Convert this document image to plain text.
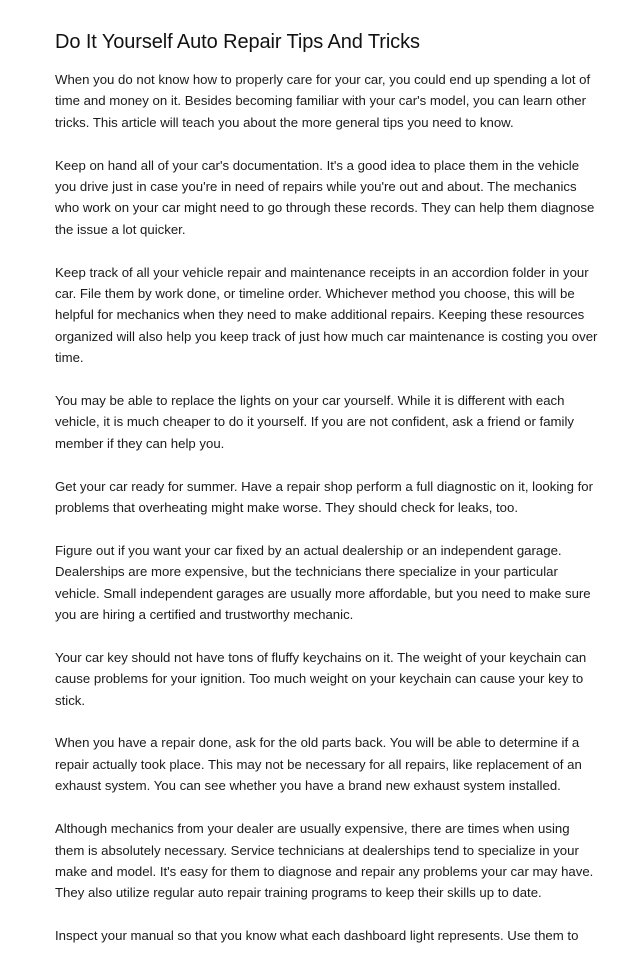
Do It Yourself Auto Repair Tips And Tricks

When you do not know how to properly care for your car, you could end up spending a lot of
time and money on it. Besides becoming familiar with your car's model, you can learn other
tricks. This article will teach you about the more general tips you need to know.

Keep on hand all of your car's documentation. It's a good idea to place them in the vehicle
you drive just in case you're in need of repairs while you're out and about. The mechanics
who work on your car might need to go through these records. They can help them diagnose
the issue a lot quicker.

Keep track of all your vehicle repair and maintenance receipts in an accordion folder in your
car. File them by work done, or timeline order. Whichever method you choose, this will be
helpful for mechanics when they need to make additional repairs. Keeping these resources
organized will also help you keep track of just how much car maintenance is costing you over
time.

You may be able to replace the lights on your car yourself. While it is different with each
vehicle, it is much cheaper to do it yourself. If you are not confident, ask a friend or family
member if they can help you.

Get your car ready for summer. Have a repair shop perform a full diagnostic on it, looking for
problems that overheating might make worse. They should check for leaks, too.

Figure out if you want your car fixed by an actual dealership or an independent garage.
Dealerships are more expensive, but the technicians there specialize in your particular
vehicle. Small independent garages are usually more affordable, but you need to make sure
you are hiring a certified and trustworthy mechanic.

Your car key should not have tons of fluffy keychains on it. The weight of your keychain can
cause problems for your ignition. Too much weight on your keychain can cause your key to
stick.

When you have a repair done, ask for the old parts back. You will be able to determine if a
repair actually took place. This may not be necessary for all repairs, like replacement of an
exhaust system. You can see whether you have a brand new exhaust system installed.

Although mechanics from your dealer are usually expensive, there are times when using
them is absolutely necessary. Service technicians at dealerships tend to specialize in your
make and model. It's easy for them to diagnose and repair any problems your car may have.
They also utilize regular auto repair training programs to keep their skills up to date.

Inspect your manual so that you know what each dashboard light represents. Use them to
